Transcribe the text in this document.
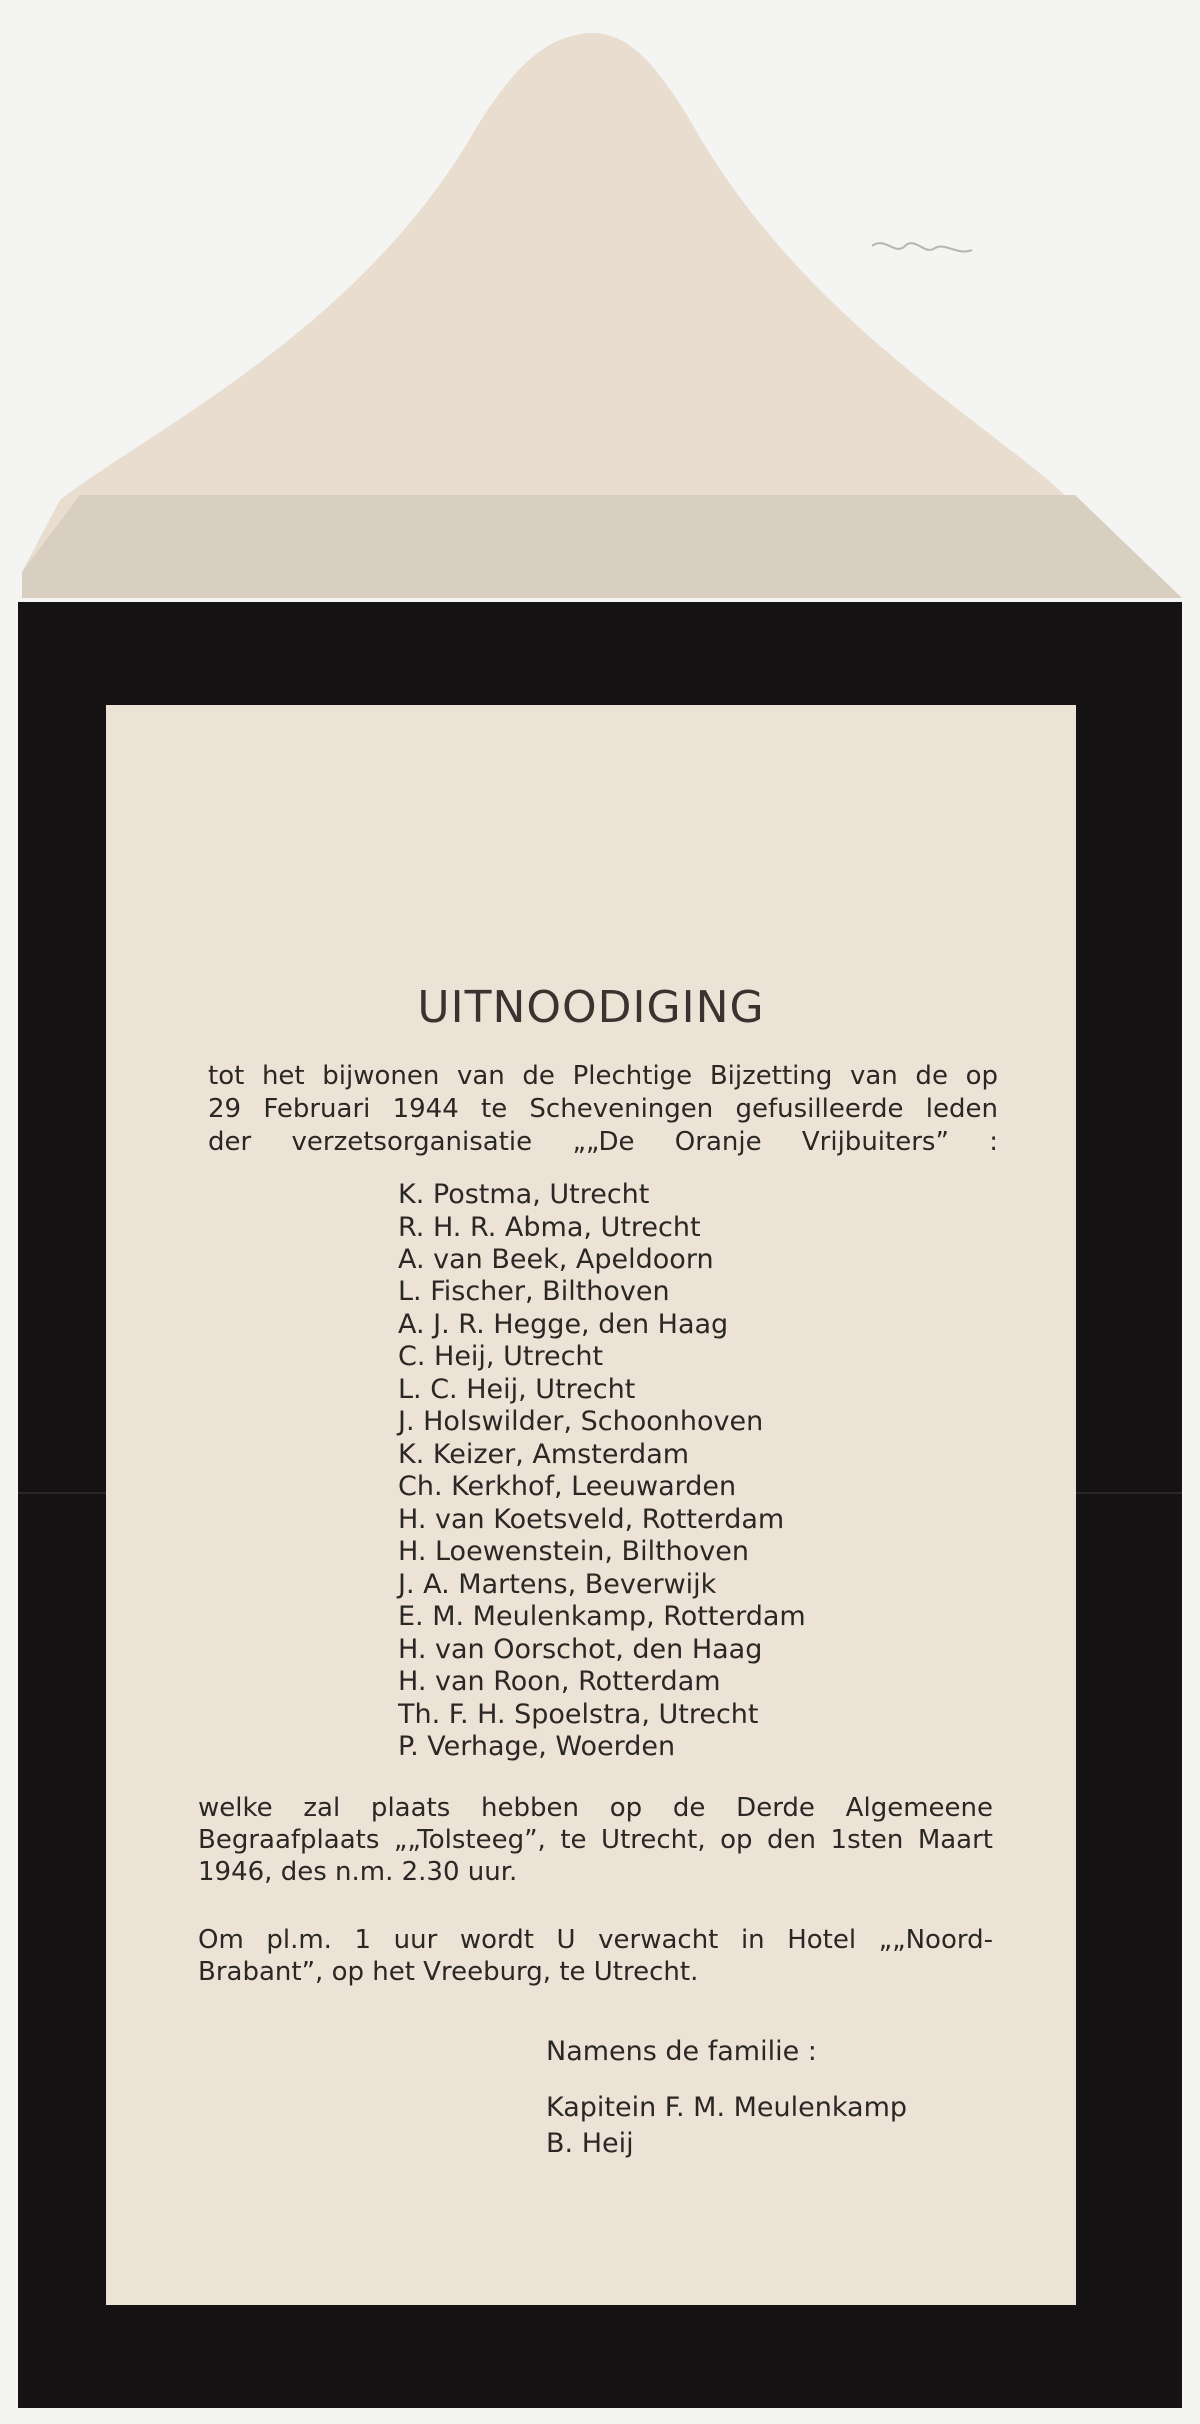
UITNOODIGING

tot het bijwonen van de Plechtige Bijzetting van de op

29 Februari 1944 te Scheveningen gefusilleerde leden

der verzetsorganisatie „„De Oranje Vrijbuiters” :

K. Postma, Utrecht

R. H. R. Abma, Utrecht

A. van Beek, Apeldoorn

L. Fischer, Bilthoven

A. J. R. Hegge, den Haag

C. Heij, Utrecht

L. C. Heij, Utrecht

J. Holswilder, Schoonhoven

K. Keizer, Amsterdam

Ch. Kerkhof, Leeuwarden

H. van Koetsveld, Rotterdam

H. Loewenstein, Bilthoven

J. A. Martens, Beverwijk

E. M. Meulenkamp, Rotterdam

H. van Oorschot, den Haag

H. van Roon, Rotterdam

Th. F. H. Spoelstra, Utrecht

P. Verhage, Woerden

welke zal plaats hebben op de Derde Algemeene

Begraafplaats „„Tolsteeg”, te Utrecht, op den 1sten Maart

1946, des n.m. 2.30 uur.

Om pl.m. 1 uur wordt U verwacht in Hotel „„Noord-

Brabant”, op het Vreeburg, te Utrecht.

Namens de familie :

Kapitein F. M. Meulenkamp

B. Heij
